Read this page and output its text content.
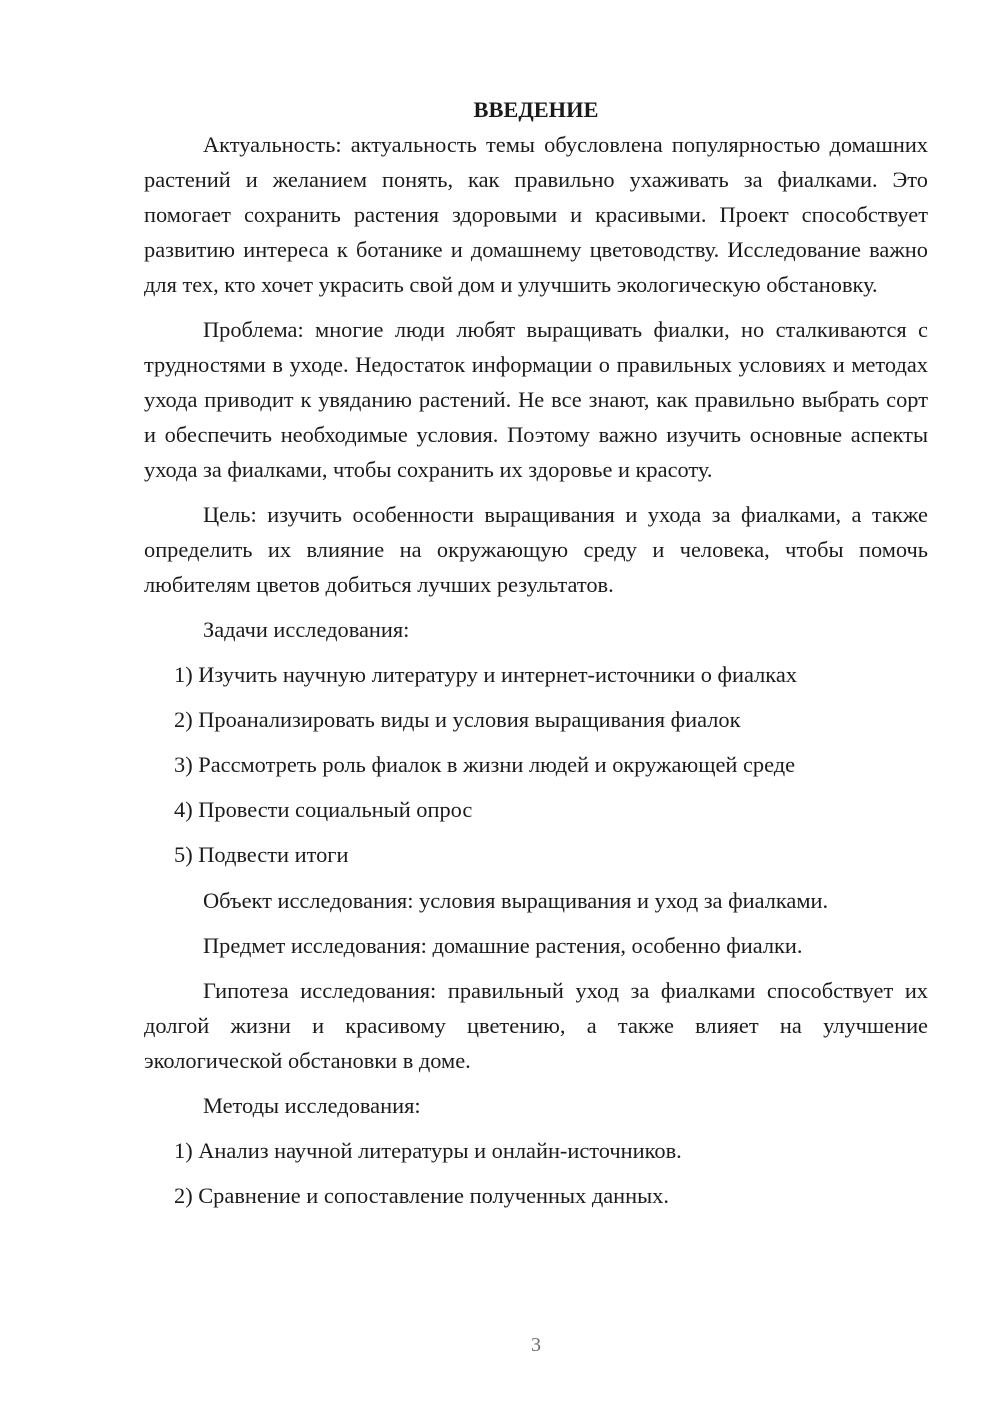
ВВЕДЕНИЕ

Актуальность: актуальность темы обусловлена популярностью домашних растений и желанием понять, как правильно ухаживать за фиалками. Это помогает сохранить растения здоровыми и красивыми. Проект способствует развитию интереса к ботанике и домашнему цветоводству. Исследование важно для тех, кто хочет украсить свой дом и улучшить экологическую обстановку.

Проблема: многие люди любят выращивать фиалки, но сталкиваются с трудностями в уходе. Недостаток информации о правильных условиях и методах ухода приводит к увяданию растений. Не все знают, как правильно выбрать сорт и обеспечить необходимые условия. Поэтому важно изучить основные аспекты ухода за фиалками, чтобы сохранить их здоровье и красоту.

Цель: изучить особенности выращивания и ухода за фиалками, а также определить их влияние на окружающую среду и человека, чтобы помочь любителям цветов добиться лучших результатов.

Задачи исследования:

1) Изучить научную литературу и интернет-источники о фиалках

2) Проанализировать виды и условия выращивания фиалок

3) Рассмотреть роль фиалок в жизни людей и окружающей среде

4) Провести социальный опрос

5) Подвести итоги

Объект исследования: условия выращивания и уход за фиалками.

Предмет исследования: домашние растения, особенно фиалки.

Гипотеза исследования: правильный уход за фиалками способствует их долгой жизни и красивому цветению, а также влияет на улучшение экологической обстановки в доме.

Методы исследования:

1) Анализ научной литературы и онлайн-источников.

2) Сравнение и сопоставление полученных данных.

3
